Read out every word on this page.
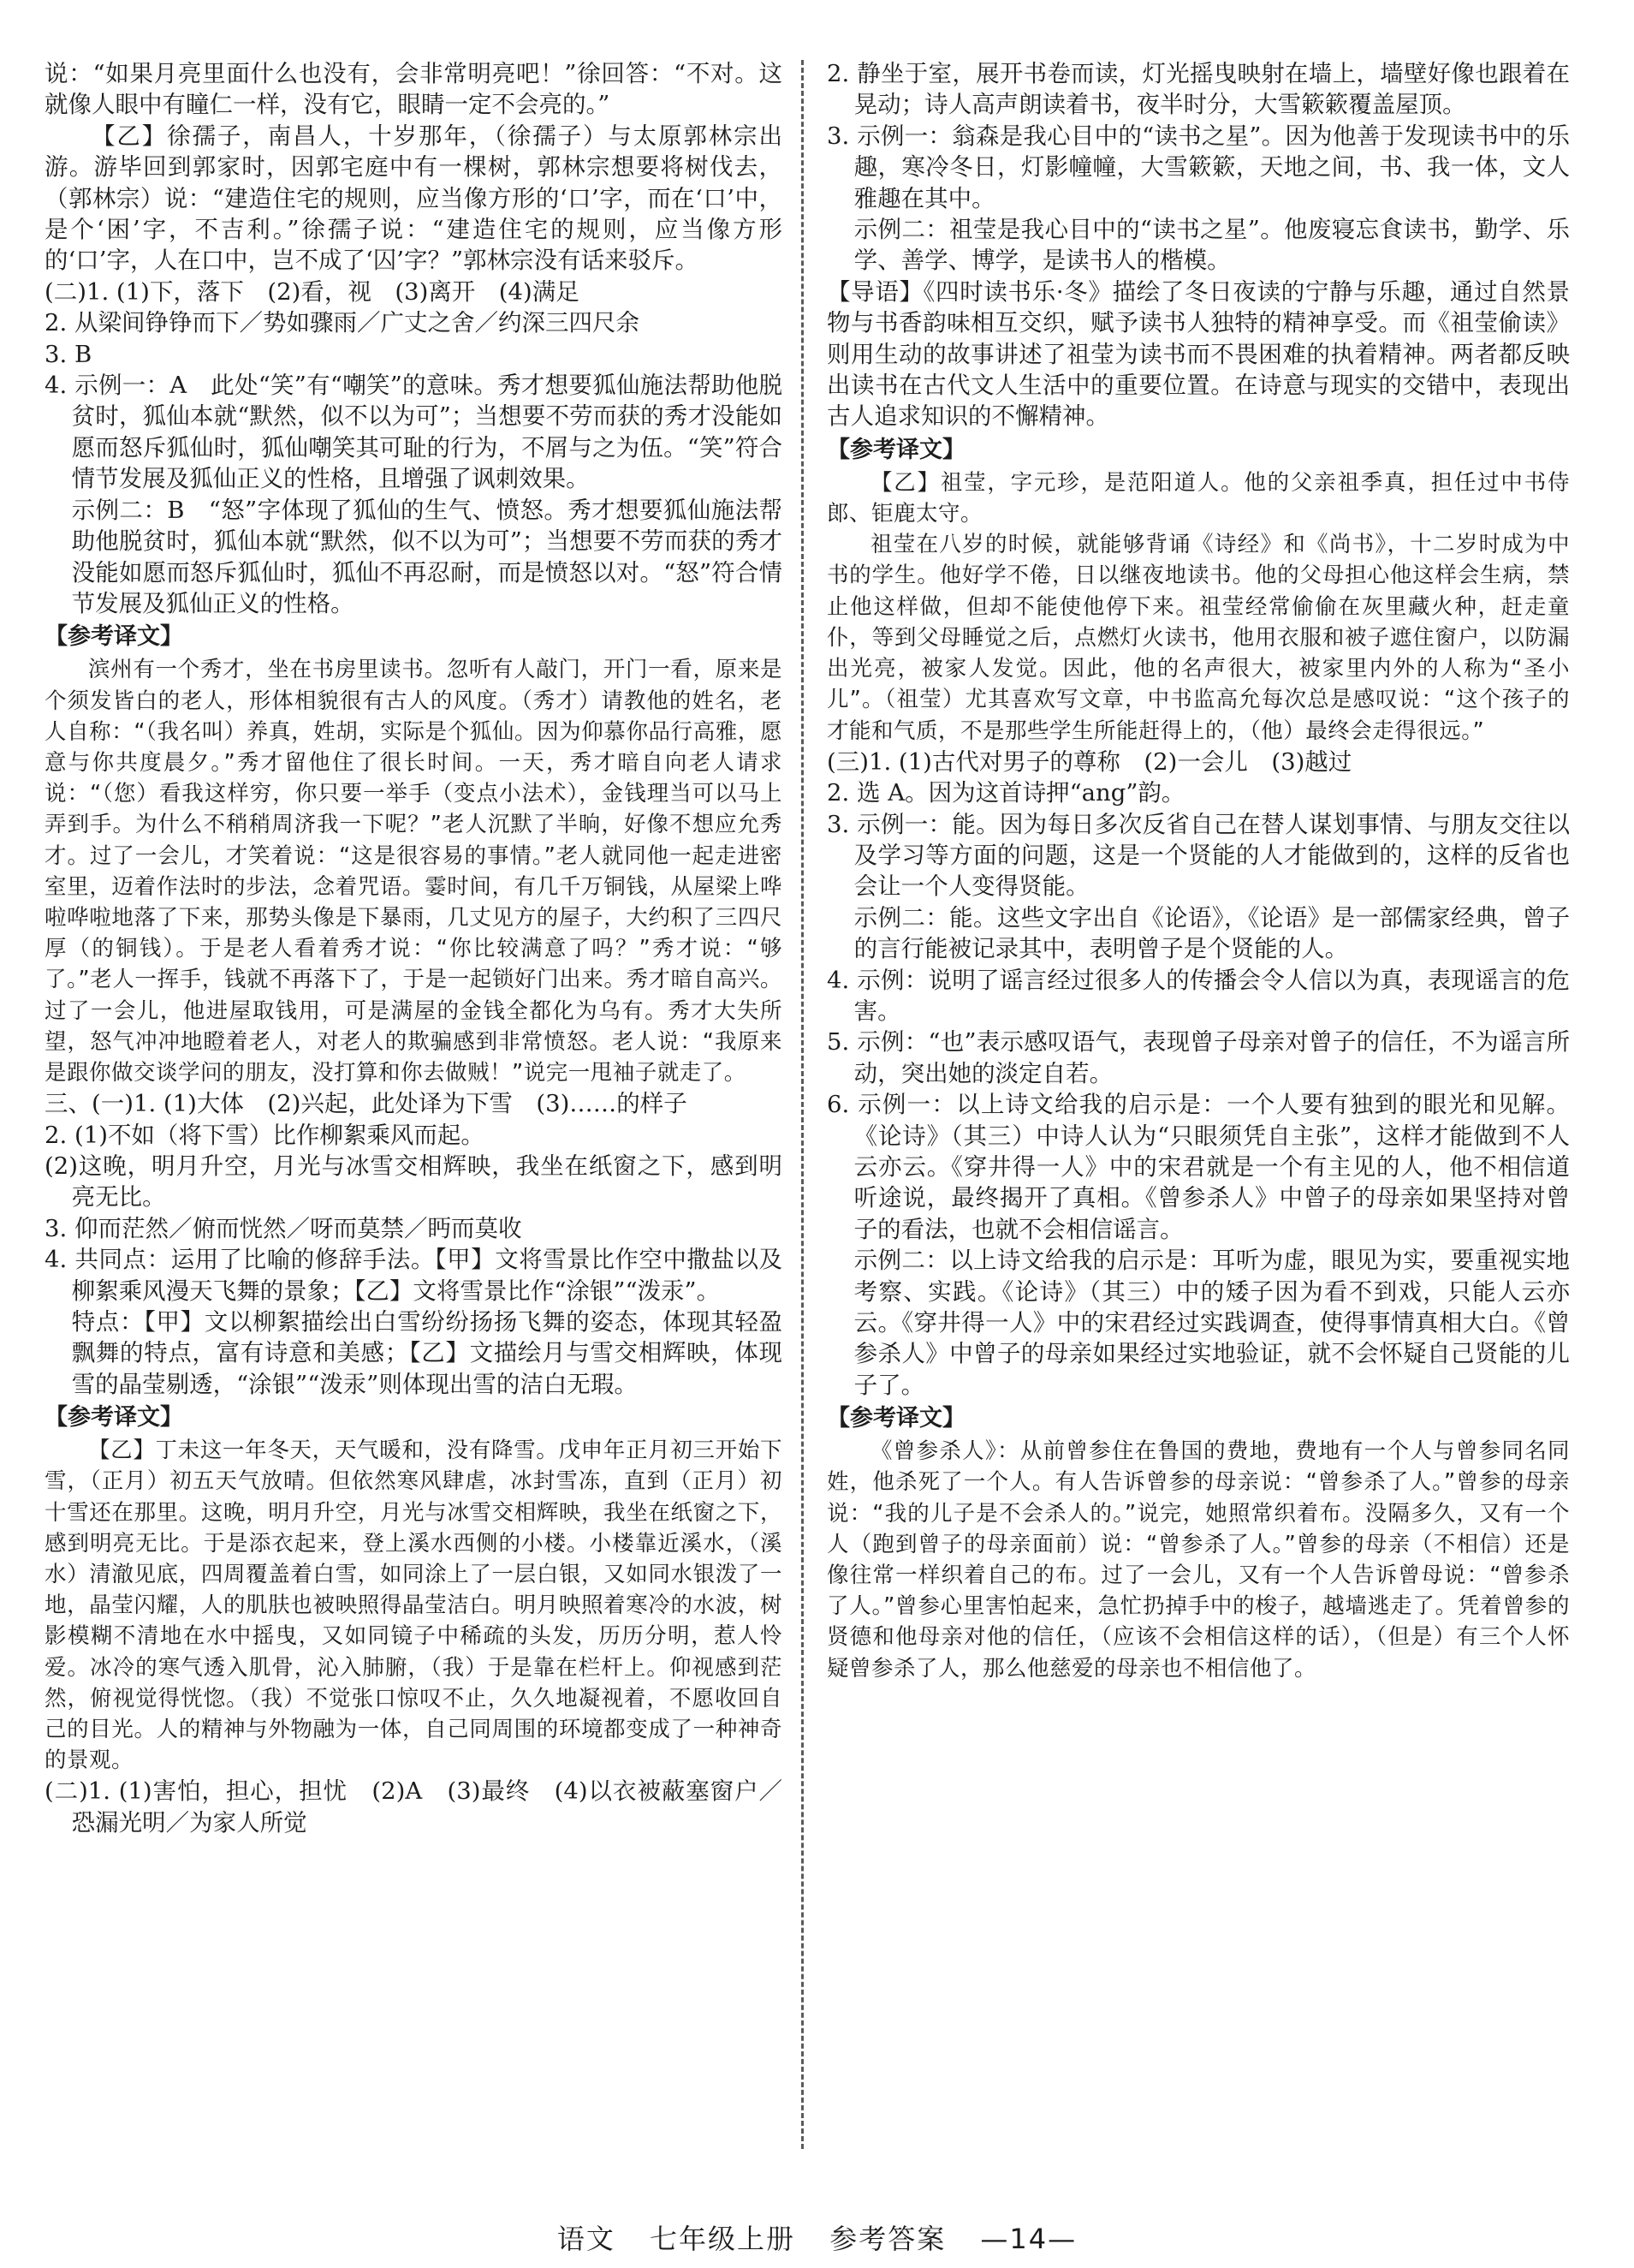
说：“如果月亮里面什么也没有，会非常明亮吧！”徐回答：“不对。这就像人眼中有瞳仁一样，没有它，眼睛一定不会亮的。”

【乙】徐孺子，南昌人，十岁那年，（徐孺子）与太原郭林宗出游。游毕回到郭家时，因郭宅庭中有一棵树，郭林宗想要将树伐去，（郭林宗）说：“建造住宅的规则，应当像方形的‘口’字，而在‘口’中，是个‘困’字，不吉利。”徐孺子说：“建造住宅的规则，应当像方形的‘口’字，人在口中，岂不成了‘囚’字？”郭林宗没有话来驳斥。

(二)1. (1)下，落下　(2)看，视　(3)离开　(4)满足

2. 从梁间铮铮而下／势如骤雨／广丈之舍／约深三四尺余

3. B

4. 示例一：A　此处“笑”有“嘲笑”的意味。秀才想要狐仙施法帮助他脱贫时，狐仙本就“默然，似不以为可”；当想要不劳而获的秀才没能如愿而怒斥狐仙时，狐仙嘲笑其可耻的行为，不屑与之为伍。“笑”符合情节发展及狐仙正义的性格，且增强了讽刺效果。

示例二：B　“怒”字体现了狐仙的生气、愤怒。秀才想要狐仙施法帮助他脱贫时，狐仙本就“默然，似不以为可”；当想要不劳而获的秀才没能如愿而怒斥狐仙时，狐仙不再忍耐，而是愤怒以对。“怒”符合情节发展及狐仙正义的性格。

【参考译文】

滨州有一个秀才，坐在书房里读书。忽听有人敲门，开门一看，原来是个须发皆白的老人，形体相貌很有古人的风度。（秀才）请教他的姓名，老人自称：“（我名叫）养真，姓胡，实际是个狐仙。因为仰慕你品行高雅，愿意与你共度晨夕。”秀才留他住了很长时间。一天，秀才暗自向老人请求说：“（您）看我这样穷，你只要一举手（变点小法术），金钱理当可以马上弄到手。为什么不稍稍周济我一下呢？”老人沉默了半晌，好像不想应允秀才。过了一会儿，才笑着说：“这是很容易的事情。”老人就同他一起走进密室里，迈着作法时的步法，念着咒语。霎时间，有几千万铜钱，从屋梁上哗啦哗啦地落了下来，那势头像是下暴雨，几丈见方的屋子，大约积了三四尺厚（的铜钱）。于是老人看着秀才说：“你比较满意了吗？”秀才说：“够了。”老人一挥手，钱就不再落下了，于是一起锁好门出来。秀才暗自高兴。过了一会儿，他进屋取钱用，可是满屋的金钱全都化为乌有。秀才大失所望，怒气冲冲地瞪着老人，对老人的欺骗感到非常愤怒。老人说：“我原来是跟你做交谈学问的朋友，没打算和你去做贼！”说完一甩袖子就走了。

三、(一)1. (1)大体　(2)兴起，此处译为下雪　(3)……的样子

2. (1)不如（将下雪）比作柳絮乘风而起。

(2)这晚，明月升空，月光与冰雪交相辉映，我坐在纸窗之下，感到明亮无比。

3. 仰而茫然／俯而恍然／呀而莫禁／眄而莫收

4. 共同点：运用了比喻的修辞手法。【甲】文将雪景比作空中撒盐以及柳絮乘风漫天飞舞的景象；【乙】文将雪景比作“涂银”“泼汞”。

特点：【甲】文以柳絮描绘出白雪纷纷扬扬飞舞的姿态，体现其轻盈飘舞的特点，富有诗意和美感；【乙】文描绘月与雪交相辉映，体现雪的晶莹剔透，“涂银”“泼汞”则体现出雪的洁白无瑕。

【参考译文】

【乙】丁未这一年冬天，天气暖和，没有降雪。戊申年正月初三开始下雪，（正月）初五天气放晴。但依然寒风肆虐，冰封雪冻，直到（正月）初十雪还在那里。这晚，明月升空，月光与冰雪交相辉映，我坐在纸窗之下，感到明亮无比。于是添衣起来，登上溪水西侧的小楼。小楼靠近溪水，（溪水）清澈见底，四周覆盖着白雪，如同涂上了一层白银，又如同水银泼了一地，晶莹闪耀，人的肌肤也被映照得晶莹洁白。明月映照着寒冷的水波，树影模糊不清地在水中摇曳，又如同镜子中稀疏的头发，历历分明，惹人怜爱。冰冷的寒气透入肌骨，沁入肺腑，（我）于是靠在栏杆上。仰视感到茫然，俯视觉得恍惚。（我）不觉张口惊叹不止，久久地凝视着，不愿收回自己的目光。人的精神与外物融为一体，自己同周围的环境都变成了一种神奇的景观。

(二)1. (1)害怕，担心，担忧　(2)A　(3)最终　(4)以衣被蔽塞窗户／恐漏光明／为家人所觉

2. 静坐于室，展开书卷而读，灯光摇曳映射在墙上，墙壁好像也跟着在晃动；诗人高声朗读着书，夜半时分，大雪簌簌覆盖屋顶。

3. 示例一：翁森是我心目中的“读书之星”。因为他善于发现读书中的乐趣，寒冷冬日，灯影幢幢，大雪簌簌，天地之间，书、我一体，文人雅趣在其中。

示例二：祖莹是我心目中的“读书之星”。他废寝忘食读书，勤学、乐学、善学、博学，是读书人的楷模。

【导语】《四时读书乐·冬》描绘了冬日夜读的宁静与乐趣，通过自然景物与书香韵味相互交织，赋予读书人独特的精神享受。而《祖莹偷读》则用生动的故事讲述了祖莹为读书而不畏困难的执着精神。两者都反映出读书在古代文人生活中的重要位置。在诗意与现实的交错中，表现出古人追求知识的不懈精神。

【参考译文】

【乙】祖莹，字元珍，是范阳道人。他的父亲祖季真，担任过中书侍郎、钜鹿太守。

祖莹在八岁的时候，就能够背诵《诗经》和《尚书》，十二岁时成为中书的学生。他好学不倦，日以继夜地读书。他的父母担心他这样会生病，禁止他这样做，但却不能使他停下来。祖莹经常偷偷在灰里藏火种，赶走童仆，等到父母睡觉之后，点燃灯火读书，他用衣服和被子遮住窗户，以防漏出光亮，被家人发觉。因此，他的名声很大，被家里内外的人称为“圣小儿”。（祖莹）尤其喜欢写文章，中书监高允每次总是感叹说：“这个孩子的才能和气质，不是那些学生所能赶得上的，（他）最终会走得很远。”

(三)1. (1)古代对男子的尊称　(2)一会儿　(3)越过

2. 选 A。因为这首诗押“ang”韵。

3. 示例一：能。因为每日多次反省自己在替人谋划事情、与朋友交往以及学习等方面的问题，这是一个贤能的人才能做到的，这样的反省也会让一个人变得贤能。

示例二：能。这些文字出自《论语》，《论语》是一部儒家经典，曾子的言行能被记录其中，表明曾子是个贤能的人。

4. 示例：说明了谣言经过很多人的传播会令人信以为真，表现谣言的危害。

5. 示例：“也”表示感叹语气，表现曾子母亲对曾子的信任，不为谣言所动，突出她的淡定自若。

6. 示例一：以上诗文给我的启示是：一个人要有独到的眼光和见解。《论诗》（其三）中诗人认为“只眼须凭自主张”，这样才能做到不人云亦云。《穿井得一人》中的宋君就是一个有主见的人，他不相信道听途说，最终揭开了真相。《曾参杀人》中曾子的母亲如果坚持对曾子的看法，也就不会相信谣言。

示例二：以上诗文给我的启示是：耳听为虚，眼见为实，要重视实地考察、实践。《论诗》（其三）中的矮子因为看不到戏，只能人云亦云。《穿井得一人》中的宋君经过实践调查，使得事情真相大白。《曾参杀人》中曾子的母亲如果经过实地验证，就不会怀疑自己贤能的儿子了。

【参考译文】

《曾参杀人》：从前曾参住在鲁国的费地，费地有一个人与曾参同名同姓，他杀死了一个人。有人告诉曾参的母亲说：“曾参杀了人。”曾参的母亲说：“我的儿子是不会杀人的。”说完，她照常织着布。没隔多久，又有一个人（跑到曾子的母亲面前）说：“曾参杀了人。”曾参的母亲（不相信）还是像往常一样织着自己的布。过了一会儿，又有一个人告诉曾母说：“曾参杀了人。”曾参心里害怕起来，急忙扔掉手中的梭子，越墙逃走了。凭着曾参的贤德和他母亲对他的信任，（应该不会相信这样的话），（但是）有三个人怀疑曾参杀了人，那么他慈爱的母亲也不相信他了。

语文 七年级上册 参考答案 —14—
